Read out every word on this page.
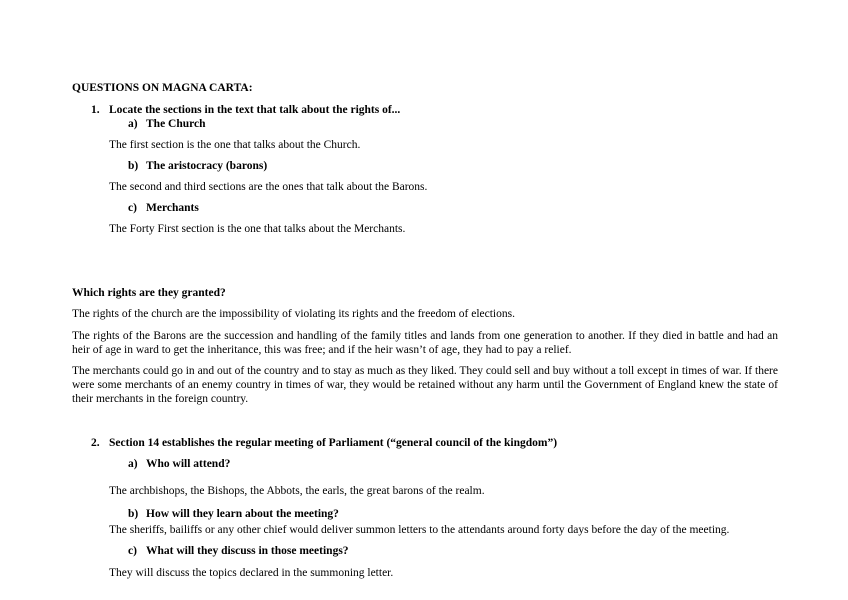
QUESTIONS ON MAGNA CARTA:
1. Locate the sections in the text that talk about the rights of...
a) The Church
The first section is the one that talks about the Church.
b) The aristocracy (barons)
The second and third sections are the ones that talk about the Barons.
c) Merchants
The Forty First section is the one that talks about the Merchants.
Which rights are they granted?
The rights of the church are the impossibility of violating its rights and the freedom of elections.
The rights of the Barons are the succession and handling of the family titles and lands from one generation to another. If they died in battle and had an heir of age in ward to get the inheritance, this was free; and if the heir wasn’t of age, they had to pay a relief.
The merchants could go in and out of the country and to stay as much as they liked. They could sell and buy without a toll except in times of war. If there were some merchants of an enemy country in times of war, they would be retained without any harm until the Government of England knew the state of their merchants in the foreign country.
2. Section 14 establishes the regular meeting of Parliament (“general council of the kingdom”)
a) Who will attend?
The archbishops, the Bishops, the Abbots, the earls, the great barons of the realm.
b) How will they learn about the meeting?
The sheriffs, bailiffs or any other chief would deliver summon letters to the attendants around forty days before the day of the meeting.
c) What will they discuss in those meetings?
They will discuss the topics declared in the summoning letter.
